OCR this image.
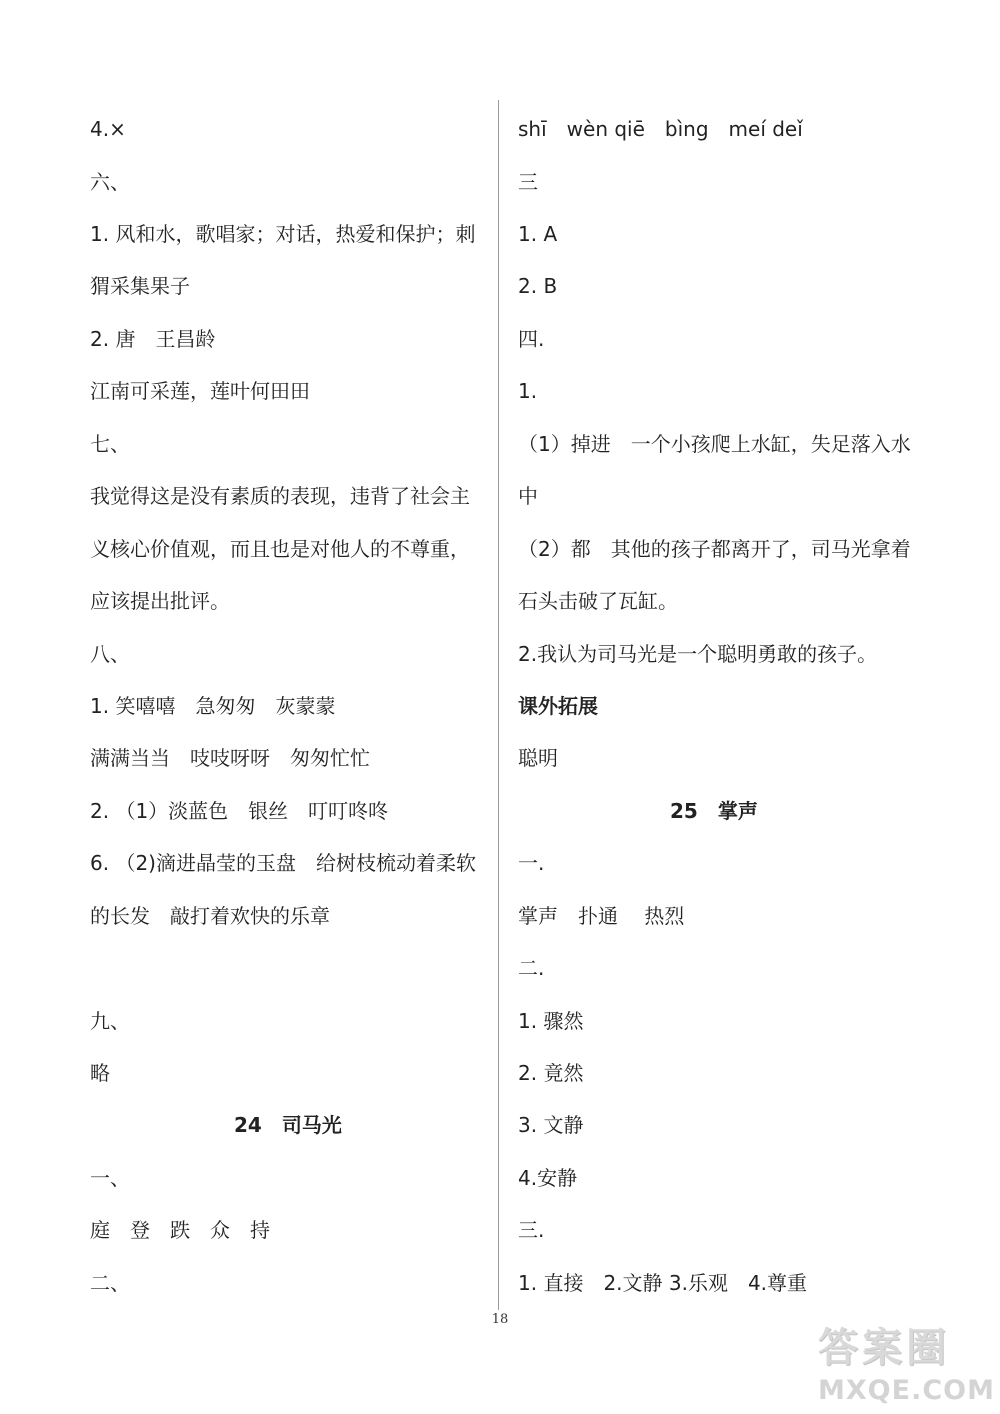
4.×
六、
1. 风和水，歌唱家；对话，热爱和保护；刺
猬采集果子
2. 唐　王昌龄
江南可采莲，莲叶何田田
七、
我觉得这是没有素质的表现，违背了社会主
义核心价值观，而且也是对他人的不尊重，
应该提出批评。
八、
1. 笑嘻嘻　急匆匆　灰蒙蒙
满满当当　吱吱呀呀　匆匆忙忙
2. （1）淡蓝色　银丝　叮叮咚咚
6. （2)滴进晶莹的玉盘　给树枝梳动着柔软
的长发　敲打着欢快的乐章
九、
略
24　司马光
一、
庭　登　跌　众　持
二、
shī　wèn qiē　bìng　meí deǐ
三
1. A
2. B
四.
1.
（1）掉进　一个小孩爬上水缸，失足落入水
中
（2）都　其他的孩子都离开了，司马光拿着
石头击破了瓦缸。
2.我认为司马光是一个聪明勇敢的孩子。
课外拓展
聪明
25　掌声
一.
掌声　扑通　 热烈
二.
1. 骤然
2. 竟然
3. 文静
4.安静
三.
1. 直接　2.文静 3.乐观　4.尊重
18
答案圈
MXQE.COM
